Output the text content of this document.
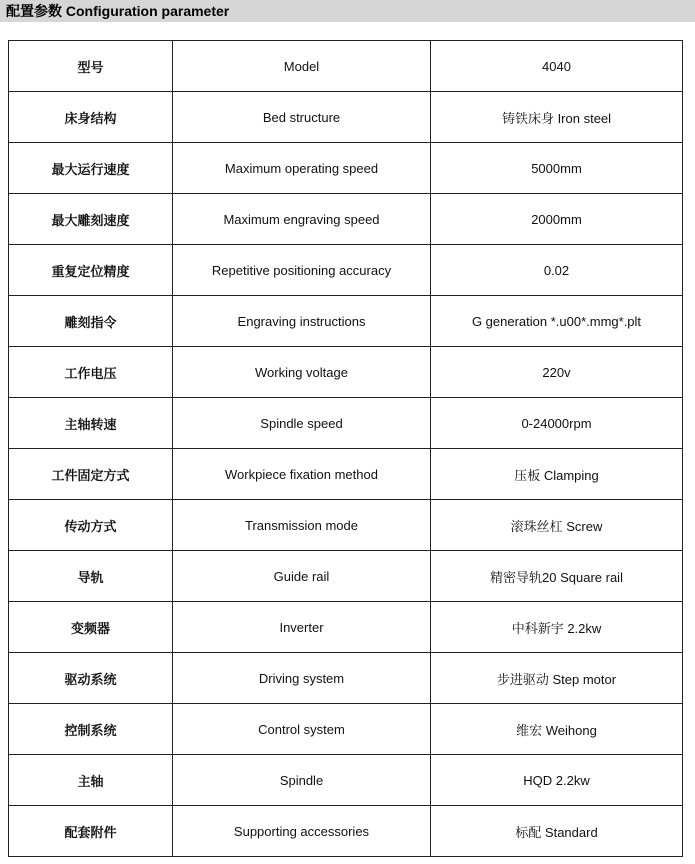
配置参数 Configuration parameter
型号	Model	4040
床身结构	Bed structure	铸铁床身 Iron steel
最大运行速度	Maximum operating speed	5000mm
最大雕刻速度	Maximum engraving speed	2000mm
重复定位精度	Repetitive positioning accuracy	0.02
雕刻指令	Engraving instructions	G generation *.u00*.mmg*.plt
工作电压	Working voltage	220v
主轴转速	Spindle speed	0-24000rpm
工件固定方式	Workpiece fixation method	压板 Clamping
传动方式	Transmission mode	滚珠丝杠 Screw
导轨	Guide rail	精密导轨20 Square rail
变频器	Inverter	中科新宇 2.2kw
驱动系统	Driving system	步进驱动 Step motor
控制系统	Control system	维宏 Weihong
主轴	Spindle	HQD 2.2kw
配套附件	Supporting accessories	标配 Standard
